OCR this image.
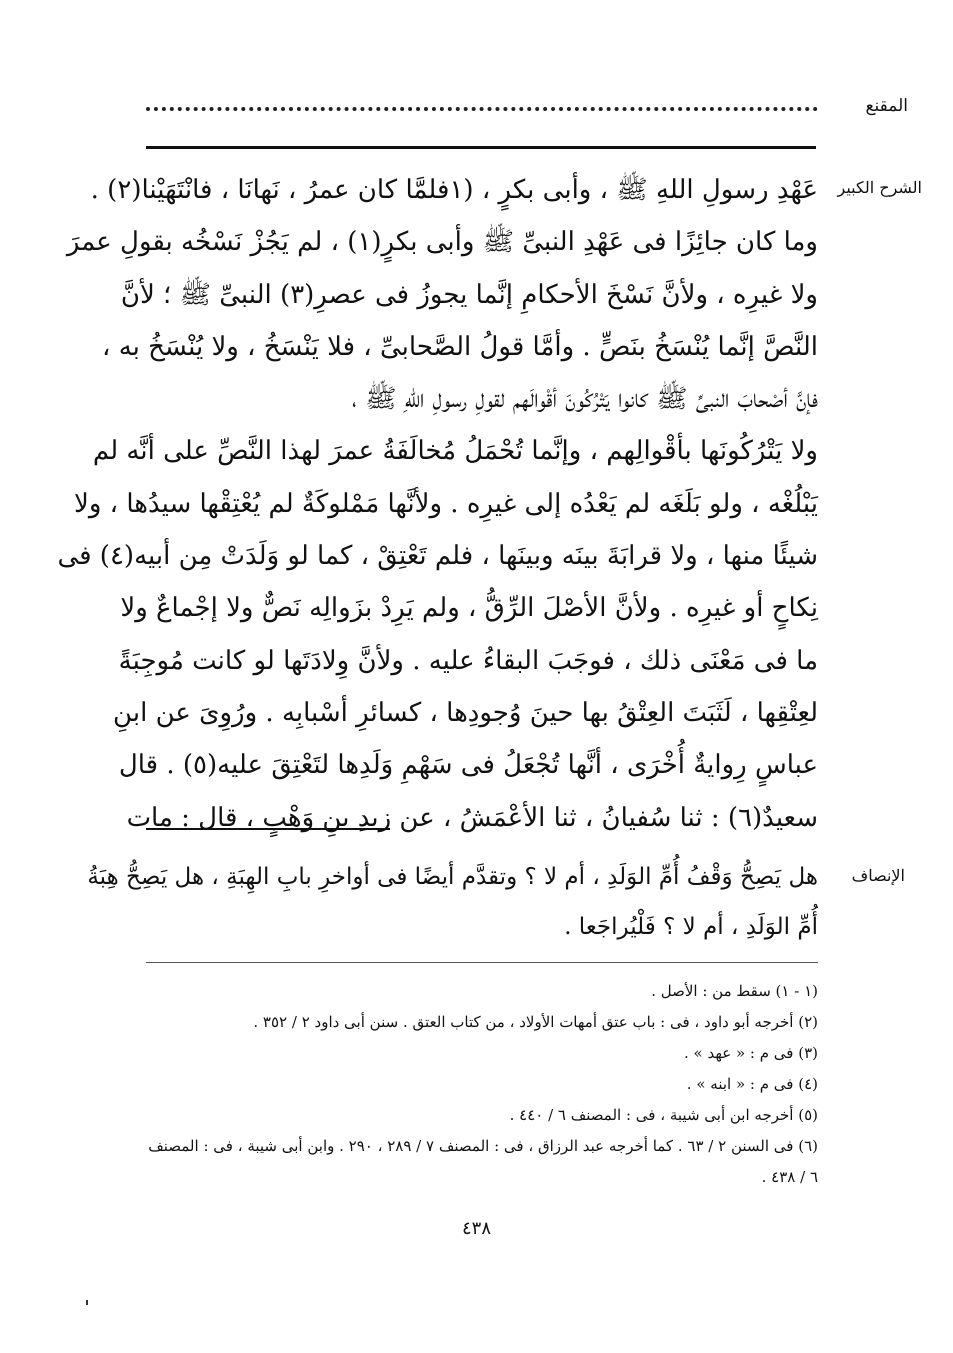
المقنع
الشرح الكبير
عَهْدِ رسولِ اللهِ ﷺ ، وأبى بكرٍ ، (١فلمَّا كان عمرُ ، نَهانَا ، فانْتَهَيْنا(٢) .
وما كان جائِزًا فى عَهْدِ النبىِّ ﷺ وأبى بكرٍ(١) ، لم يَجُزْ نَسْخُه بقولِ عمرَ
ولا غيرِه ، ولأنَّ نَسْخَ الأحكامِ إنَّما يجوزُ فى عصرِ(٣) النبىِّ ﷺ ؛ لأنَّ
النَّصَّ إنَّما يُنْسَخُ بنَصٍّ . وأمَّا قولُ الصَّحابىِّ ، فلا يَنْسَخُ ، ولا يُنْسَخُ به ،
فإنَّ أصْحابَ النبىِّ ﷺ كانوا يَتْرُكُونَ أقْوالَهم لقولِ رسولِ اللهِ ﷺ ،
ولا يَتْرُكُونَها بأقْوالِهم ، وإنَّما تُحْمَلُ مُخالَفَةُ عمرَ لهذا النَّصِّ على أنَّه لم
يَبْلُغْه ، ولو بَلَغَه لم يَعْدُه إلى غيرِه . ولأنَّها مَمْلوكَةٌ لم يُعْتِقْها سيدُها ، ولا
شيئًا منها ، ولا قرابَةَ بينَه وبينَها ، فلم تَعْتِقْ ، كما لو وَلَدَتْ مِن أبيه(٤) فى
نِكاحٍ أو غيرِه . ولأنَّ الأصْلَ الرِّقُّ ، ولم يَرِدْ بزَوالِه نَصٌّ ولا إجْماعٌ ولا
ما فى مَعْنَى ذلك ، فوجَبَ البقاءُ عليه . ولأنَّ وِلادَتَها لو كانت مُوجِبَةً
لعِتْقِها ، لَثَبَتَ العِتْقُ بها حينَ وُجودِها ، كسائرِ أسْبابِه . ورُوِىَ عن ابنِ
عباسٍ رِوايةٌ أُخْرَى ، أنَّها تُجْعَلُ فى سَهْمِ وَلَدِها لتَعْتِقَ عليه(٥) . قال
سعيدٌ(٦) : ثنا سُفيانُ ، ثنا الأعْمَشُ ، عن زيدِ بنِ وَهْبٍ ، قال : مات
الإنصاف
هل يَصِحُّ وَقْفُ أُمِّ الوَلَدِ ، أم لا ؟ وتقدَّم أيضًا فى أواخرِ بابِ الهِبَةِ ، هل يَصِحُّ هِبَةُ
أُمِّ الوَلَدِ ، أم لا ؟ فَلْيُراجَعا .
(١ - ١) سقط من : الأصل .
(٢) أخرجه أبو داود ، فى : باب عتق أمهات الأولاد ، من كتاب العتق . سنن أبى داود ٢ / ٣٥٢ .
(٣) فى م : « عهد » .
(٤) فى م : « ابنه » .
(٥) أخرجه ابن أبى شيبة ، فى : المصنف ٦ / ٤٤٠ .
(٦) فى السنن ٢ / ٦٣ . كما أخرجه عبد الرزاق ، فى : المصنف ٧ / ٢٨٩ ، ٢٩٠ . وابن أبى شيبة ، فى : المصنف
٦ / ٤٣٨ .
٤٣٨
